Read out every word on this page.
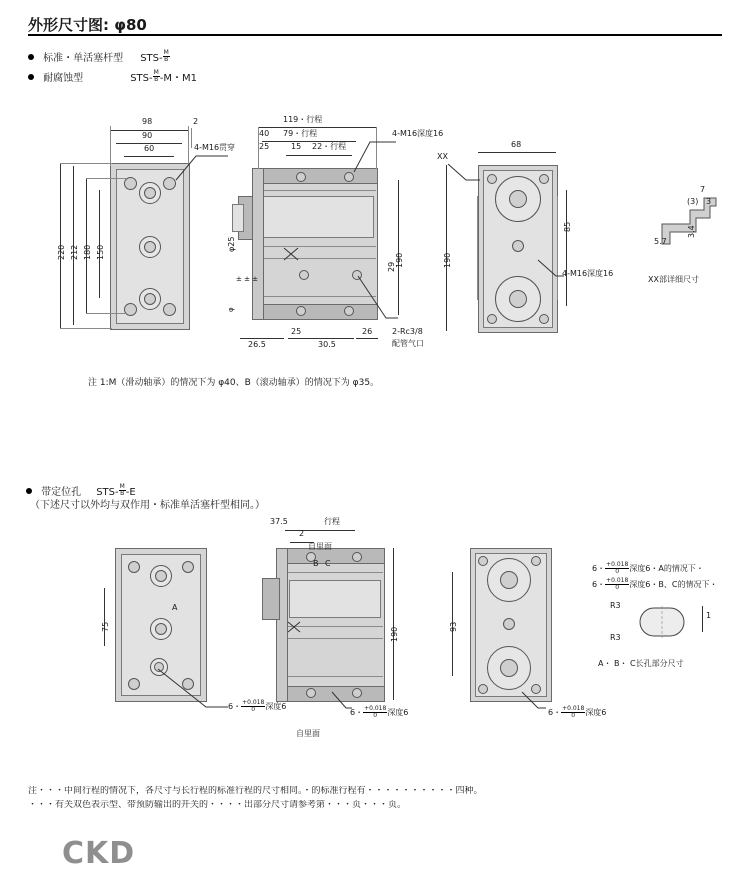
外形尺寸图: φ80
标准・单活塞杆型 $STS- \frac{M}{B}$
耐腐蚀型	$STS- \frac{M}{B} -M$・M1
98
90
60
2
220 212 180 150
4-M16贯穿
119・行程
79・行程
40
25	15 22・行程
26.5
25
30.5
26
φ25
φ
± ± ±
29 190
4-M16深度16
2-Rc3/8
配管气口
68
190
85
XX
4-M16深度16
7
(3) 3
5.7
3,4
XX部详细尺寸
注 1:M（滑动轴承）的情况下为 φ40、B（滚动轴承）的情况下为 φ35。
带定位孔 $STS- \frac{M}{B} -E$
（下述尺寸以外均与双作用・标准单活塞杆型相同。）
75
A
6・ $\frac{+0.018}{0}$ 深度6
B C
行程
37.5
2
自里面
自里面
190
6・ $\frac{+0.018}{0}$ 深度6
93
6・ $\frac{+0.018}{0}$ 深度6
6・ $\frac{+0.018}{0}$ 深度6・A的情况下・
6・ $\frac{+0.018}{0}$ 深度6・B、C的情况下・
R3
R3
1
A・ B・ C长孔部分尺寸
注・・・中间行程的情况下，各尺寸与长行程的标准行程的尺寸相同。・的标准行程有・・・・・・・・・・四种。
・・・有关双色表示型、带预防输出的开关的・・・・出部分尺寸请参考第・・・页・・・页。
CKD
